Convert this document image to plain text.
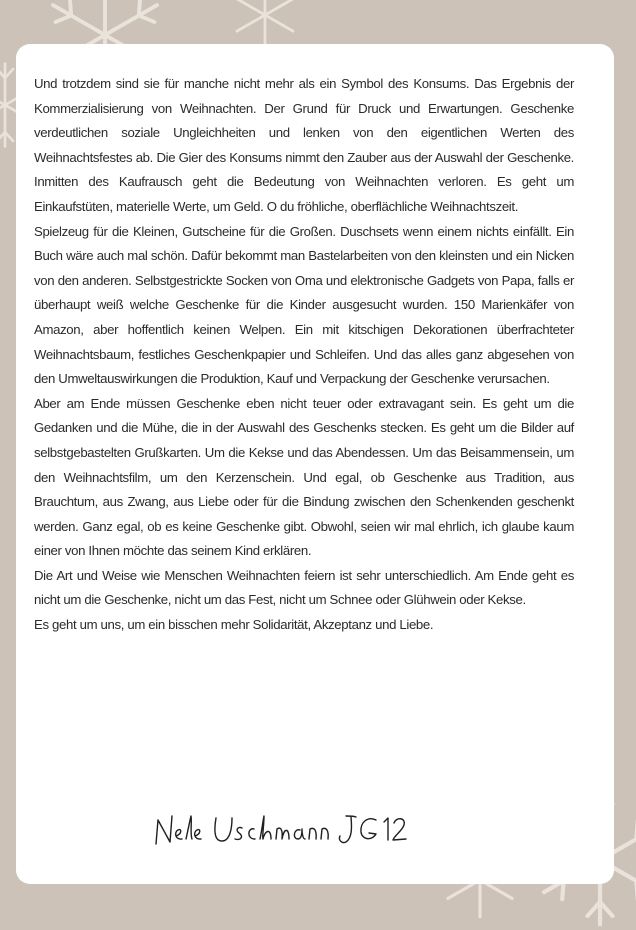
Und trotzdem sind sie für manche nicht mehr als ein Symbol des Konsums. Das Ergebnis der Kommerzialisierung von Weihnachten. Der Grund für Druck und Erwartungen. Geschenke verdeutlichen soziale Ungleichheiten und lenken von den eigentlichen Werten des Weihnachtsfestes ab. Die Gier des Konsums nimmt den Zauber aus der Auswahl der Geschenke. Inmitten des Kaufrausch geht die Bedeutung von Weihnachten verloren. Es geht um Einkaufstüten, materielle Werte, um Geld. O du fröhliche, oberflächliche Weihnachtszeit.

Spielzeug für die Kleinen, Gutscheine für die Großen. Duschsets wenn einem nichts einfällt. Ein Buch wäre auch mal schön. Dafür bekommt man Bastelarbeiten von den kleinsten und ein Nicken von den anderen. Selbstgestrickte Socken von Oma und elektronische Gadgets von Papa, falls er überhaupt weiß welche Geschenke für die Kinder ausgesucht wurden. 150 Marienkäfer von Amazon, aber hoffentlich keinen Welpen. Ein mit kitschigen Dekorationen überfrachteter Weihnachtsbaum, festliches Geschenkpapier und Schleifen. Und das alles ganz abgesehen von den Umweltauswirkungen die Produktion, Kauf und Verpackung der Geschenke verursachen.

Aber am Ende müssen Geschenke eben nicht teuer oder extravagant sein. Es geht um die Gedanken und die Mühe, die in der Auswahl des Geschenks stecken. Es geht um die Bilder auf selbstgebastelten Grußkarten. Um die Kekse und das Abendessen. Um das Beisammensein, um den Weihnachtsfilm, um den Kerzenschein. Und egal, ob Geschenke aus Tradition, aus Brauchtum, aus Zwang, aus Liebe oder für die Bindung zwischen den Schenkenden geschenkt werden. Ganz egal, ob es keine Geschenke gibt. Obwohl, seien wir mal ehrlich, ich glaube kaum einer von Ihnen möchte das seinem Kind erklären.

Die Art und Weise wie Menschen Weihnachten feiern ist sehr unterschiedlich. Am Ende geht es nicht um die Geschenke, nicht um das Fest, nicht um Schnee oder Glühwein oder Kekse.

Es geht um uns, um ein bisschen mehr Solidarität, Akzeptanz und Liebe.
